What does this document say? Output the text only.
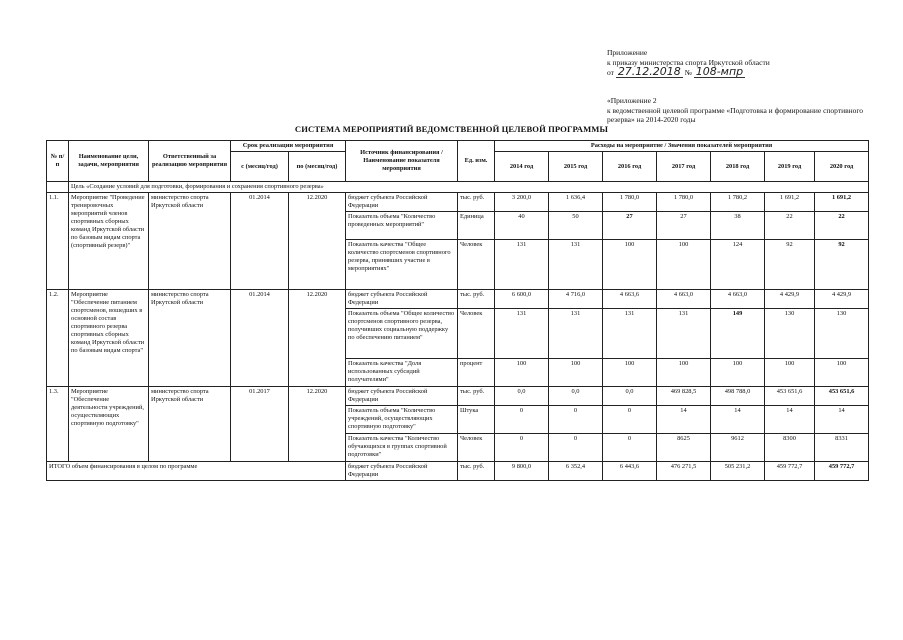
Приложение
к приказу министерства спорта Иркутской области
от 27.12.2018 № 108-мпр
«Приложение 2
к ведомственной целевой программе «Подготовка и формирование спортивного
резерва» на 2014-2020 годы
СИСТЕМА МЕРОПРИЯТИЙ ВЕДОМСТВЕННОЙ ЦЕЛЕВОЙ ПРОГРАММЫ
№ п/п	Наименование цели, задачи, мероприятия	Ответственный за реализацию мероприятия	Срок реализации мероприятия		Источник финансирования / Наименование показателя мероприятия	Ед. изм.	Расходы на мероприятие / Значения показателей мероприятия						
			с (месяц/год)	по (месяц/год)			2014 год	2015 год	2016 год	2017 год	2018 год	2019 год	2020 год
	Цель «Создание условий для подготовки, формирования и сохранения спортивного резерва»												
1.1.	Мероприятие "Проведение тренировочных мероприятий членов спортивных сборных команд Иркутской области по базовым видам спорта (спортивный резерв)"	министерство спорта Иркутской области	01.2014	12.2020	бюджет субъекта Российской Федерации	тыс. руб.	3 200,0	1 636,4	1 780,0	1 780,0	1 780,2	1 691,2	1 691,2
					Показатель объема "Количество проведенных мероприятий"	Единица	40	50	27	27	38	22	22
					Показатель качества "Общее количество спортсменов спортивного резерва, принявших участие в мероприятиях"	Человек	131	131	100	100	124	92	92
1.2.	Мероприятие "Обеспечение питанием спортсменов, вошедших в основной состав спортивного резерва спортивных сборных команд Иркутской области по базовым видам спорта"	министерство спорта Иркутской области	01.2014	12.2020	бюджет субъекта Российской Федерации	тыс. руб.	6 600,0	4 716,0	4 663,6	4 663,0	4 663,0	4 429,9	4 429,9
					Показатель объема "Общее количество спортсменов спортивного резерва, получивших социальную поддержку по обеспечению питанием"	Человек	131	131	131	131	149	130	130
					Показатель качества "Доля использованных субсидий получателями"	процент	100	100	100	100	100	100	100
1.3.	Мероприятие "Обеспечение деятельности учреждений, осуществляющих спортивную подготовку"	министерство спорта Иркутской области	01.2017	12.2020	бюджет субъекта Российской Федерации	тыс. руб.	0,0	0,0	0,0	469 828,5	498 788,0	453 651,6	453 651,6
					Показатель объема "Количество учреждений, осуществляющих спортивную подготовку"	Штука	0	0	0	14	14	14	14
					Показатель качества "Количество обучающихся в группах спортивной подготовки"	Человек	0	0	0	8625	9612	8300	8331
ИТОГО объем финансирования в целом по программе					бюджет субъекта Российской Федерации	тыс. руб.	9 800,0	6 352,4	6 443,6	476 271,5	505 231,2	459 772,7	459 772,7
